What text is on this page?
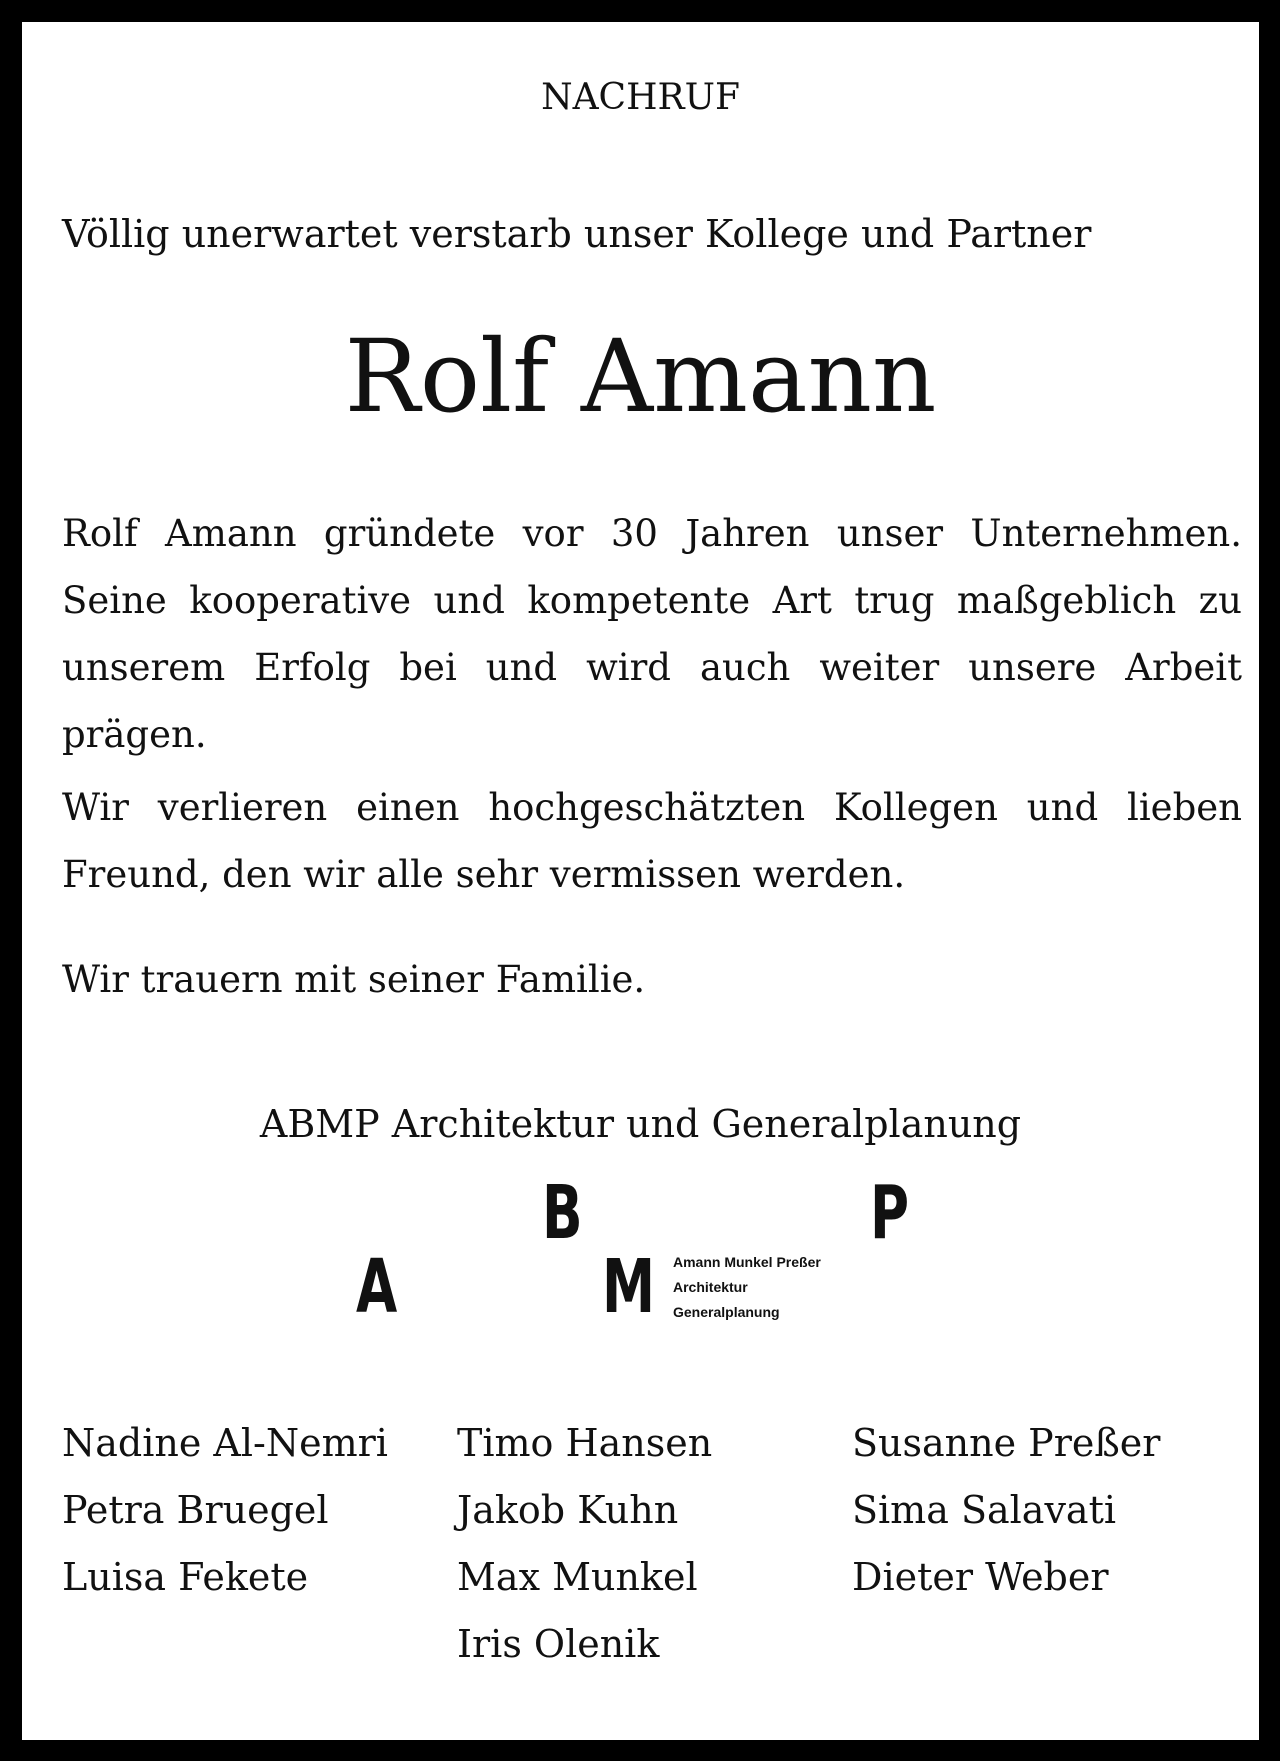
NACHRUF
Völlig unerwartet verstarb unser Kollege und Partner
Rolf Amann
Rolf Amann gründete vor 30 Jahren unser Unternehmen. Seine kooperative und kompetente Art trug maßgeblich zu unserem Erfolg bei und wird auch weiter unsere Arbeit prägen.
Wir verlieren einen hochgeschätzten Kollegen und lieben Freund, den wir alle sehr vermissen werden.
Wir trauern mit seiner Familie.
ABMP Architektur und Generalplanung
A
B
M
P
Amann Munkel Preßer
Architektur
Generalplanung
Nadine Al-Nemri
Petra Bruegel
Luisa Fekete
Timo Hansen
Jakob Kuhn
Max Munkel
Iris Olenik
Susanne Preßer
Sima Salavati
Dieter Weber
